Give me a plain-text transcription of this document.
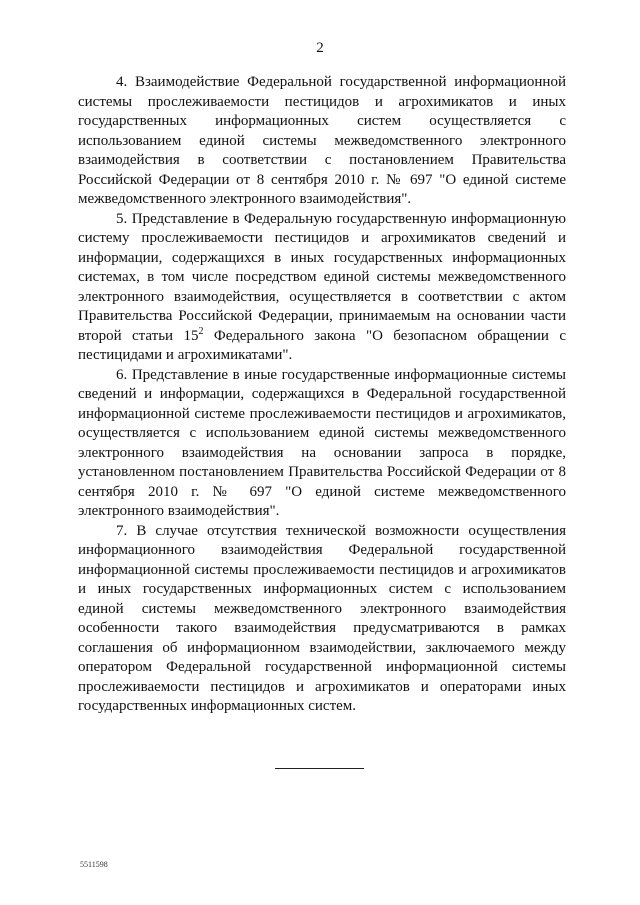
2

4. Взаимодействие Федеральной государственной информационной системы прослеживаемости пестицидов и агрохимикатов и иных государственных информационных систем осуществляется с использованием единой системы межведомственного электронного взаимодействия в соответствии с постановлением Правительства Российской Федерации от 8 сентября 2010 г. № 697 "О единой системе межведомственного электронного взаимодействия".

5. Представление в Федеральную государственную информационную систему прослеживаемости пестицидов и агрохимикатов сведений и информации, содержащихся в иных государственных информационных системах, в том числе посредством единой системы межведомственного электронного взаимодействия, осуществляется в соответствии с актом Правительства Российской Федерации, принимаемым на основании части второй статьи $15^2$ Федерального закона "О безопасном обращении с пестицидами и агрохимикатами".

6. Представление в иные государственные информационные системы сведений и информации, содержащихся в Федеральной государственной информационной системе прослеживаемости пестицидов и агрохимикатов, осуществляется с использованием единой системы межведомственного электронного взаимодействия на основании запроса в порядке, установленном постановлением Правительства Российской Федерации от 8 сентября 2010 г. № 697 "О единой системе межведомственного электронного взаимодействия".

7. В случае отсутствия технической возможности осуществления информационного взаимодействия Федеральной государственной информационной системы прослеживаемости пестицидов и агрохимикатов и иных государственных информационных систем с использованием единой системы межведомственного электронного взаимодействия особенности такого взаимодействия предусматриваются в рамках соглашения об информационном взаимодействии, заключаемого между оператором Федеральной государственной информационной системы прослеживаемости пестицидов и агрохимикатов и операторами иных государственных информационных систем.

5511598
